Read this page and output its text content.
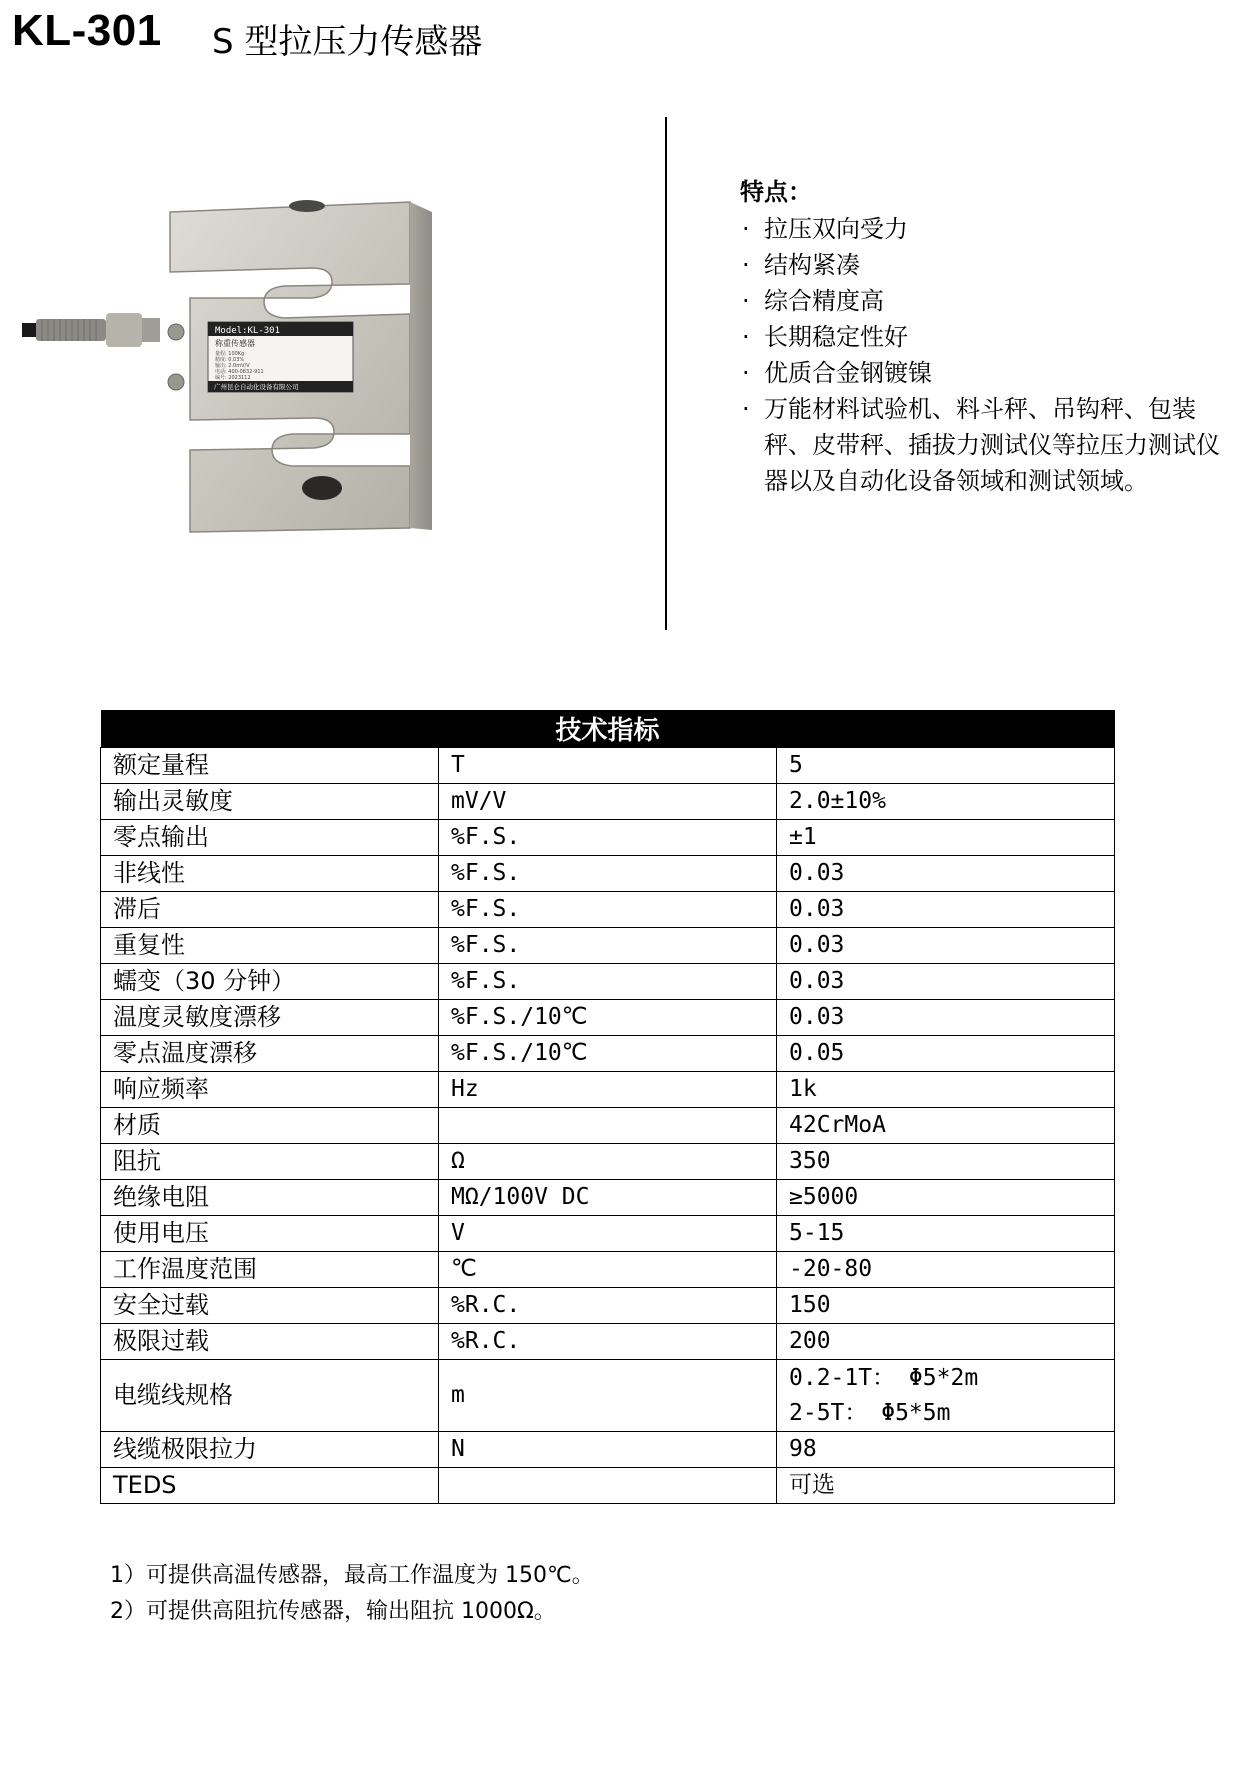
KL-301 S 型拉压力传感器
Model:KL-301
称重传感器
量程: 100Kg
精度: 0.03%
输出: 2.0mV/V
电话: 400-0832-911
编号: 2023112
广州昆仑自动化设备有限公司
特点：
· 拉压双向受力
· 结构紧凑
· 综合精度高
· 长期稳定性好
· 优质合金钢镀镍
· 万能材料试验机、料斗秤、吊钩秤、包装秤、皮带秤、插拔力测试仪等拉压力测试仪器以及自动化设备领域和测试领域。
技术指标		
额定量程	T	5
输出灵敏度	mV/V	2.0±10%
零点输出	%F.S.	±1
非线性	%F.S.	0.03
滞后	%F.S.	0.03
重复性	%F.S.	0.03
蠕变（30 分钟）	%F.S.	0.03
温度灵敏度漂移	%F.S./10℃	0.03
零点温度漂移	%F.S./10℃	0.05
响应频率	Hz	1k
材质		42CrMoA
阻抗	Ω	350
绝缘电阻	MΩ/100V DC	≥5000
使用电压	V	5-15
工作温度范围	℃	-20-80
安全过载	%R.C.	150
极限过载	%R.C.	200
电缆线规格	m	0.2-1T： Φ5*2m
2-5T： Φ5*5m

线缆极限拉力	N	98
TEDS		可选
1）可提供高温传感器，最高工作温度为 150℃。
2）可提供高阻抗传感器，输出阻抗 1000Ω。
